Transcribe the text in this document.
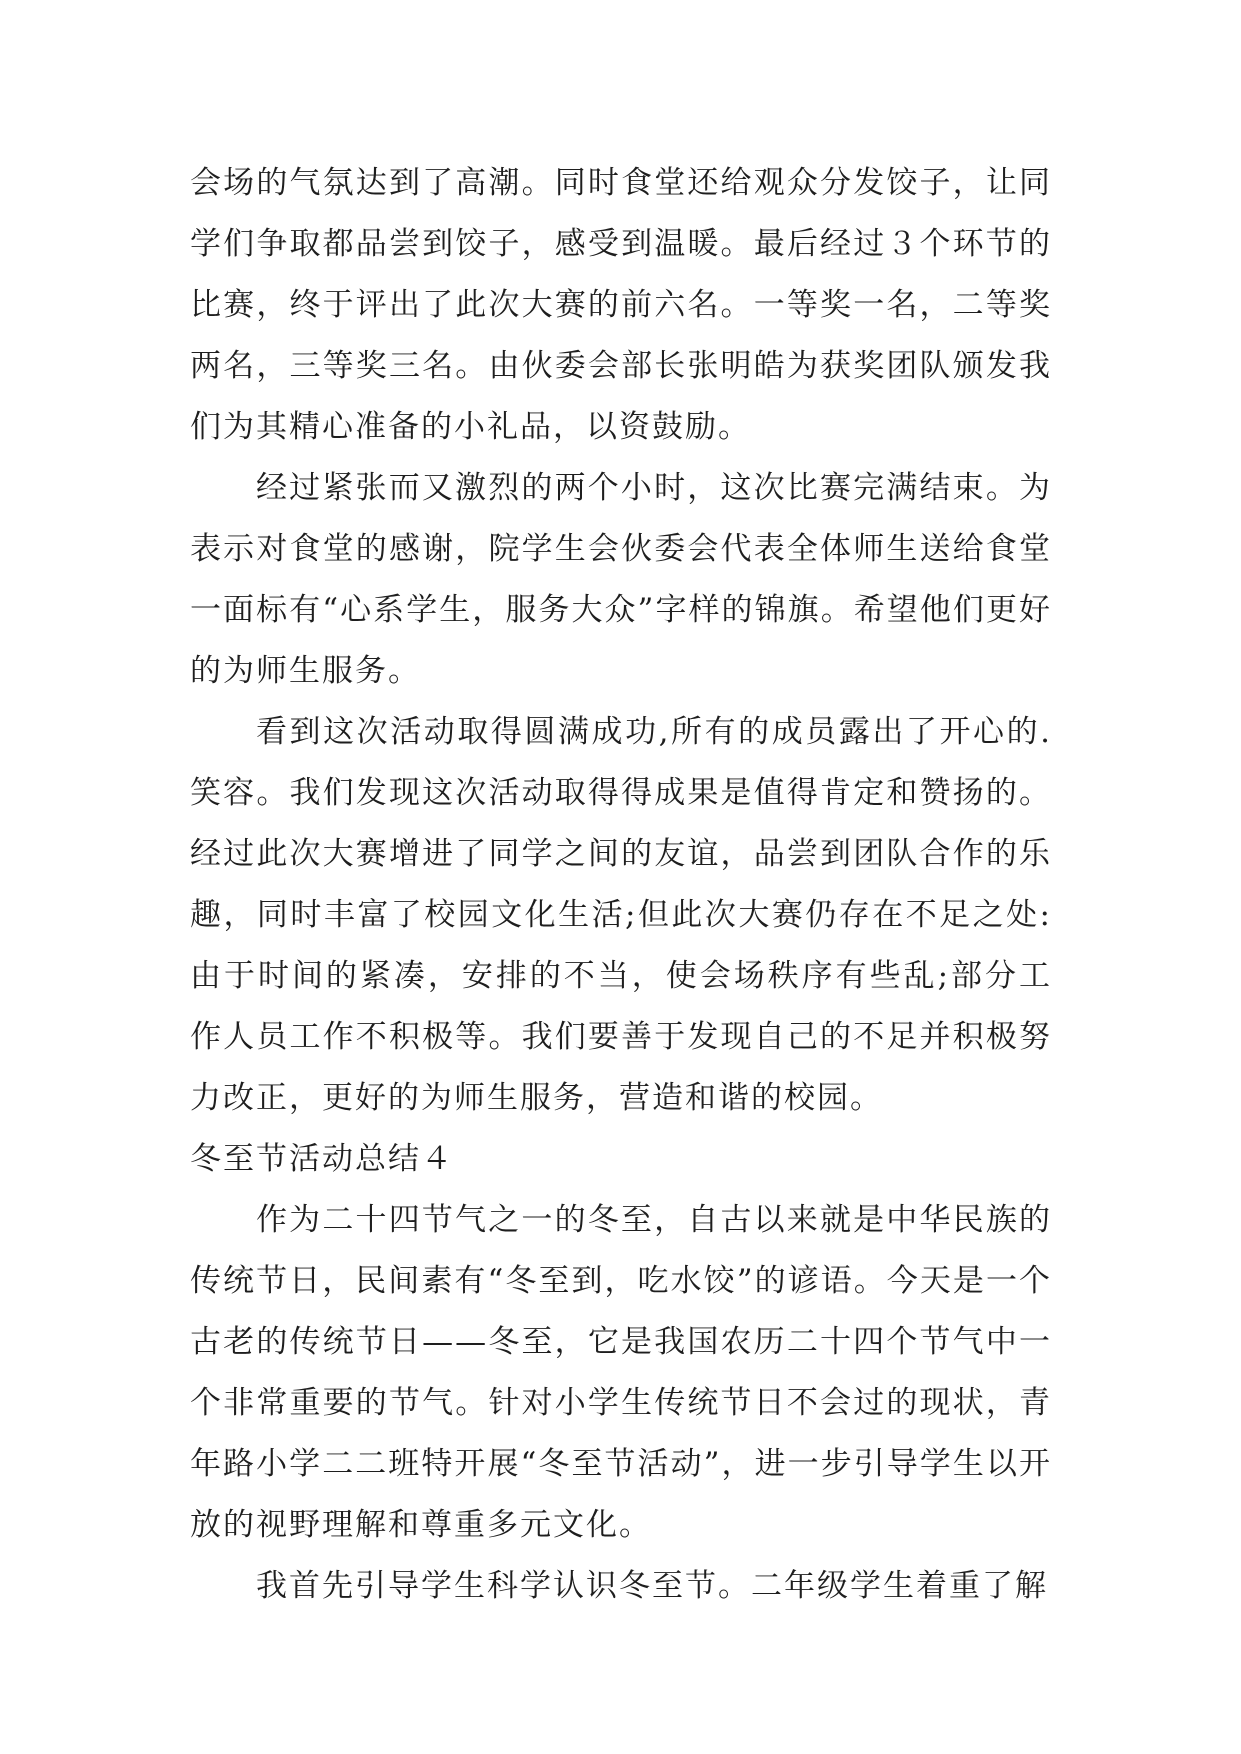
会场的气氛达到了高潮。同时食堂还给观众分发饺子，让同学们争取都品尝到饺子，感受到温暖。最后经过３个环节的比赛，终于评出了此次大赛的前六名。一等奖一名，二等奖两名，三等奖三名。由伙委会部长张明皓为获奖团队颁发我们为其精心准备的小礼品，以资鼓励。

经过紧张而又激烈的两个小时，这次比赛完满结束。为表示对食堂的感谢，院学生会伙委会代表全体师生送给食堂一面标有“心系学生，服务大众”字样的锦旗。希望他们更好的为师生服务。

看到这次活动取得圆满成功,所有的成员露出了开心的.笑容。我们发现这次活动取得得成果是值得肯定和赞扬的。经过此次大赛增进了同学之间的友谊，品尝到团队合作的乐趣，同时丰富了校园文化生活;但此次大赛仍存在不足之处:由于时间的紧凑，安排的不当，使会场秩序有些乱;部分工作人员工作不积极等。我们要善于发现自己的不足并积极努力改正，更好的为师生服务，营造和谐的校园。

冬至节活动总结４

作为二十四节气之一的冬至，自古以来就是中华民族的传统节日，民间素有“冬至到，吃水饺”的谚语。今天是一个古老的传统节日——冬至，它是我国农历二十四个节气中一个非常重要的节气。针对小学生传统节日不会过的现状，青年路小学二二班特开展“冬至节活动”，进一步引导学生以开放的视野理解和尊重多元文化。

我首先引导学生科学认识冬至节。二年级学生着重了解
